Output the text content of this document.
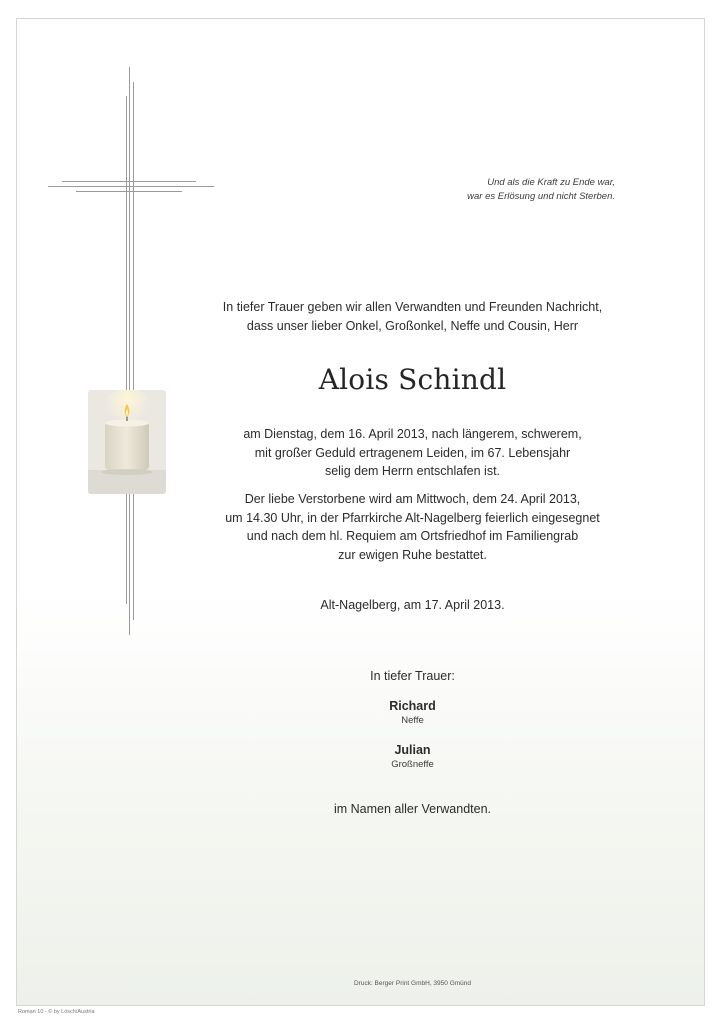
Und als die Kraft zu Ende war,
war es Erlösung und nicht Sterben.
In tiefer Trauer geben wir allen Verwandten und Freunden Nachricht,
dass unser lieber Onkel, Großonkel, Neffe und Cousin, Herr
Alois Schindl
am Dienstag, dem 16. April 2013, nach längerem, schwerem,
mit großer Geduld ertragenem Leiden, im 67. Lebensjahr
selig dem Herrn entschlafen ist.
Der liebe Verstorbene wird am Mittwoch, dem 24. April 2013,
um 14.30 Uhr, in der Pfarrkirche Alt-Nagelberg feierlich eingesegnet
und nach dem hl. Requiem am Ortsfriedhof im Familiengrab
zur ewigen Ruhe bestattet.
Alt-Nagelberg, am 17. April 2013.
In tiefer Trauer:
Richard
Neffe
Julian
Großneffe
im Namen aller Verwandten.
Druck: Berger Print GmbH, 3950 Gmünd
Roman 10 - © by Lösch/Austria
